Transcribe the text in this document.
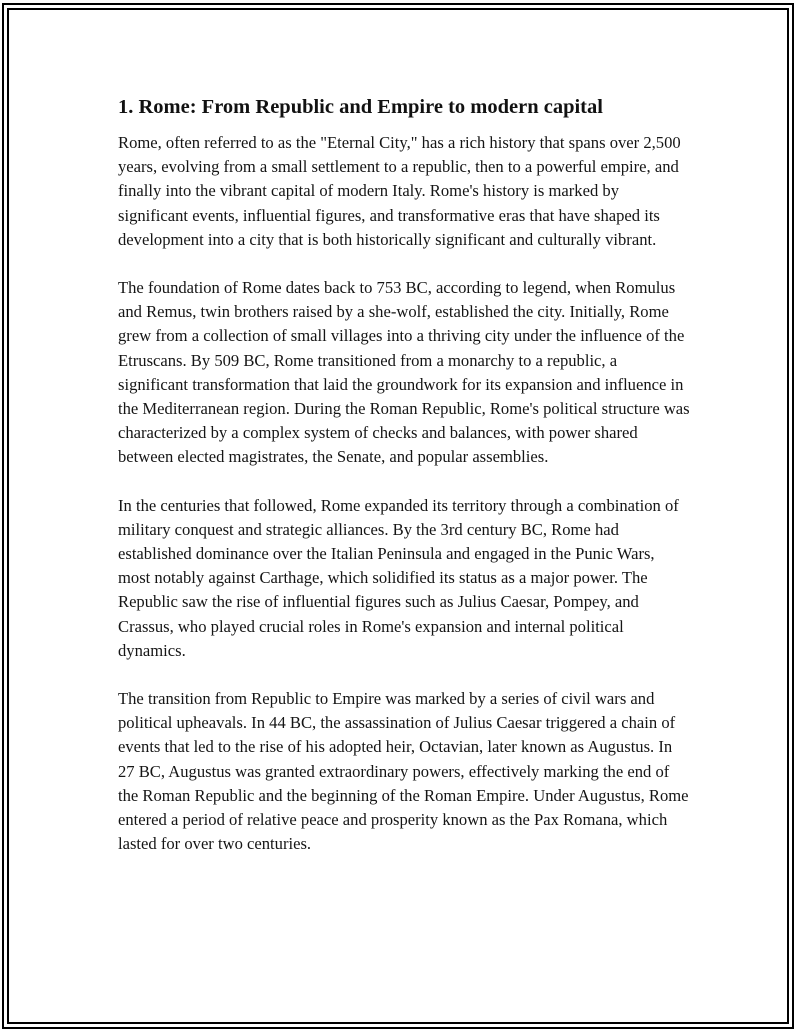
1. Rome: From Republic and Empire to modern capital

Rome, often referred to as the "Eternal City," has a rich history that spans over 2,500 years, evolving from a small settlement to a republic, then to a powerful empire, and finally into the vibrant capital of modern Italy. Rome's history is marked by significant events, influential figures, and transformative eras that have shaped its development into a city that is both historically significant and culturally vibrant.

The foundation of Rome dates back to 753 BC, according to legend, when Romulus and Remus, twin brothers raised by a she-wolf, established the city. Initially, Rome grew from a collection of small villages into a thriving city under the influence of the Etruscans. By 509 BC, Rome transitioned from a monarchy to a republic, a significant transformation that laid the groundwork for its expansion and influence in the Mediterranean region. During the Roman Republic, Rome's political structure was characterized by a complex system of checks and balances, with power shared between elected magistrates, the Senate, and popular assemblies.

In the centuries that followed, Rome expanded its territory through a combination of military conquest and strategic alliances. By the 3rd century BC, Rome had established dominance over the Italian Peninsula and engaged in the Punic Wars, most notably against Carthage, which solidified its status as a major power. The Republic saw the rise of influential figures such as Julius Caesar, Pompey, and Crassus, who played crucial roles in Rome's expansion and internal political dynamics.

The transition from Republic to Empire was marked by a series of civil wars and political upheavals. In 44 BC, the assassination of Julius Caesar triggered a chain of events that led to the rise of his adopted heir, Octavian, later known as Augustus. In 27 BC, Augustus was granted extraordinary powers, effectively marking the end of the Roman Republic and the beginning of the Roman Empire. Under Augustus, Rome entered a period of relative peace and prosperity known as the Pax Romana, which lasted for over two centuries.
